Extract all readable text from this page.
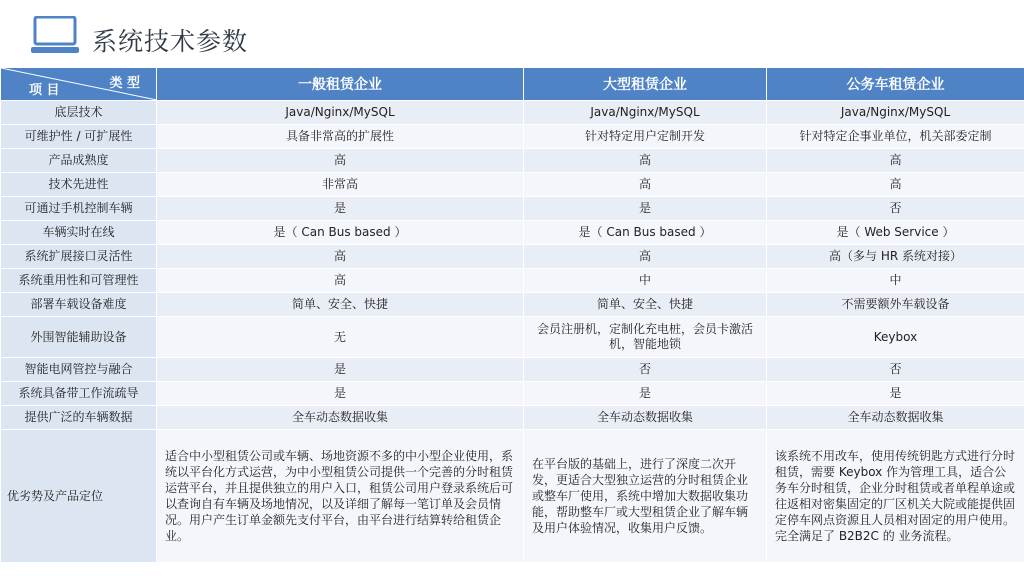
系统技术参数
类 型
项 目	一般租赁企业	大型租赁企业	公务车租赁企业
底层技术	Java/Nginx/MySQL	Java/Nginx/MySQL	Java/Nginx/MySQL
可维护性 / 可扩展性	具备非常高的扩展性	针对特定用户定制开发	针对特定企事业单位，机关部委定制
产品成熟度	高	高	高
技术先进性	非常高	高	高
可通过手机控制车辆	是	是	否
车辆实时在线	是（ Can Bus based ）	是（ Can Bus based ）	是（ Web Service ）
系统扩展接口灵活性	高	高	高（多与 HR 系统对接）
系统重用性和可管理性	高	中	中
部署车载设备难度	简单、安全、快捷	简单、安全、快捷	不需要额外车载设备
外围智能辅助设备	无	会员注册机，定制化充电桩，会员卡激活机，智能地锁	Keybox
智能电网管控与融合	是	否	否
系统具备带工作流疏导	是	是	是
提供广泛的车辆数据	全车动态数据收集	全车动态数据收集	全车动态数据收集
优劣势及产品定位	适合中小型租赁公司或车辆、场地资源不多的中小型企业使用，系统以平台化方式运营，为中小型租赁公司提供一个完善的分时租赁运营平台，并且提供独立的用户入口，租赁公司用户登录系统后可以查询自有车辆及场地情况，以及详细了解每一笔订单及会员情况。用户产生订单金额先支付平台，由平台进行结算转给租赁企业。	在平台版的基础上，进行了深度二次开发，更适合大型独立运营的分时租赁企业或整车厂使用，系统中增加大数据收集功能，帮助整车厂或大型租赁企业了解车辆及用户体验情况，收集用户反馈。	该系统不用改车，使用传统钥匙方式进行分时租赁，需要 Keybox 作为管理工具，适合公务车分时租赁，企业分时租赁或者单程单途或往返相对密集固定的厂区机关大院或能提供固定停车网点资源且人员相对固定的用户使用。完全满足了 B2B2C 的 业务流程。
